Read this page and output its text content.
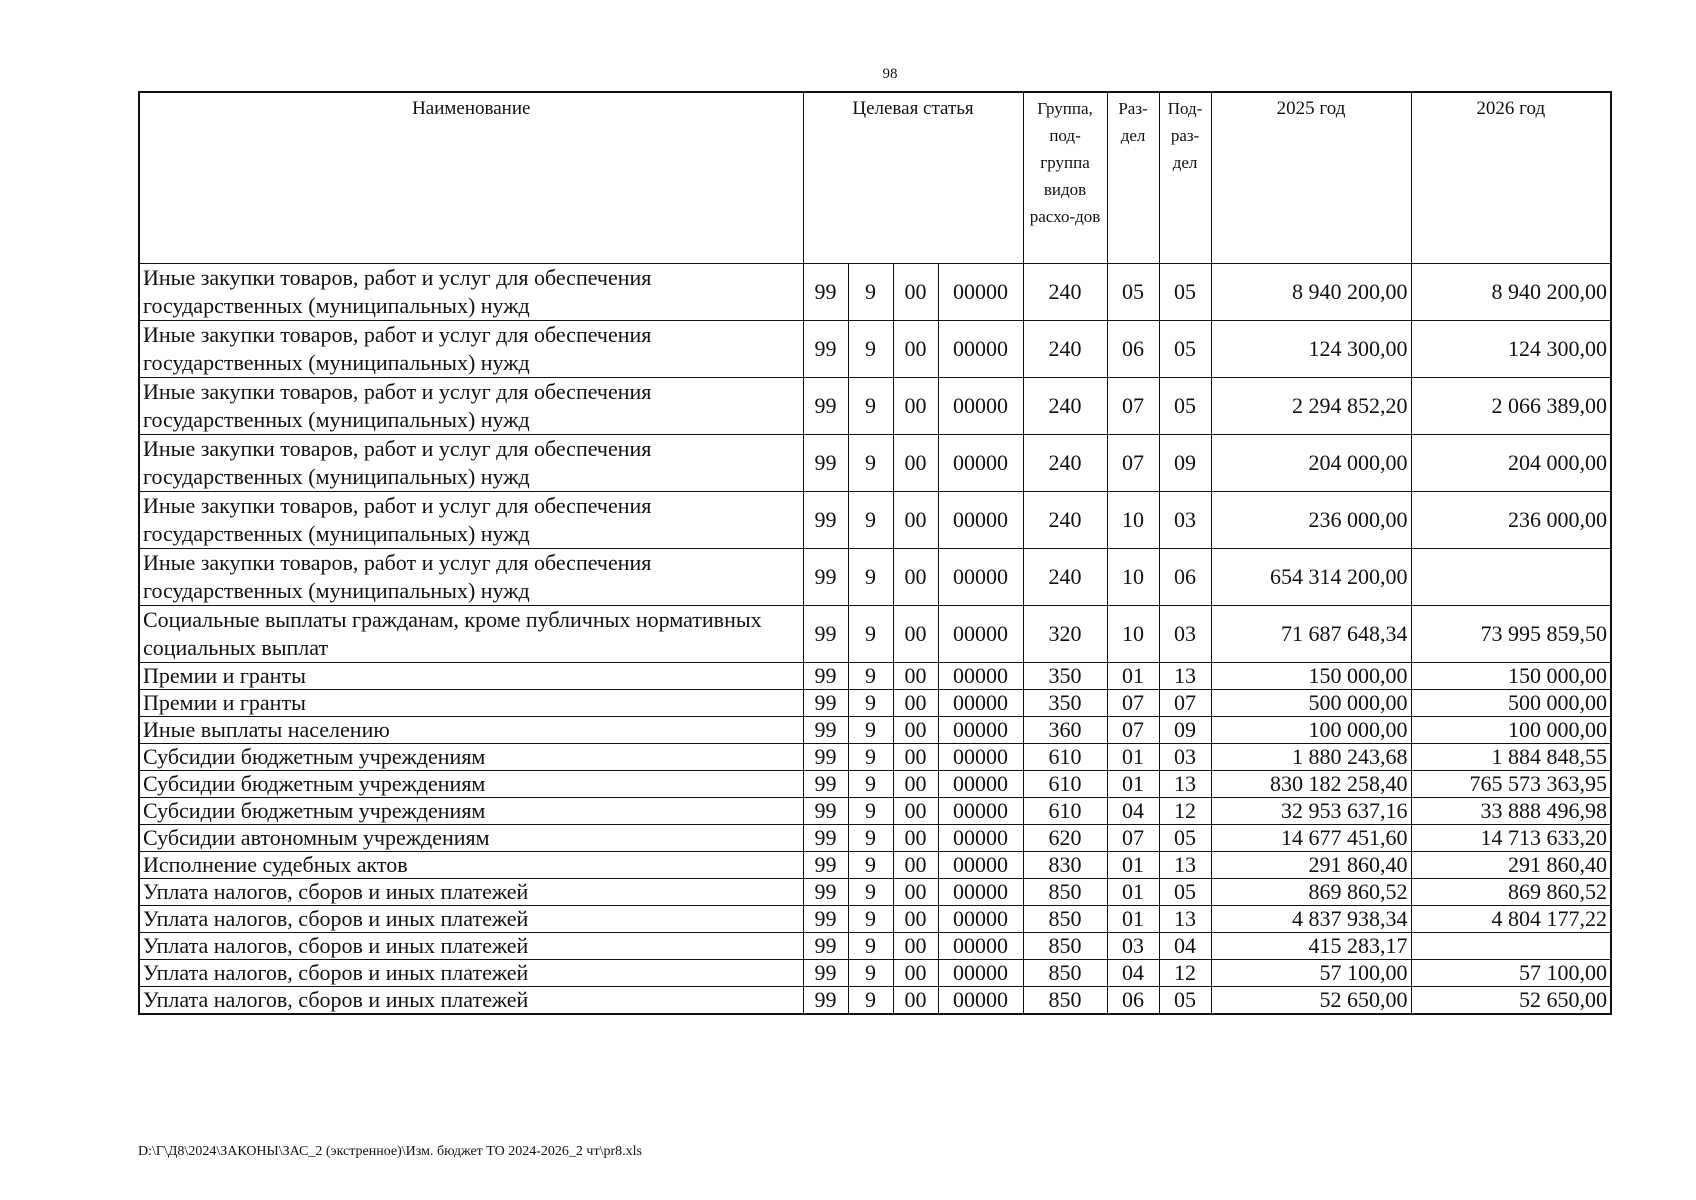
98
Наименование	Целевая статья				Группа, под-группа видов расхо-дов	Раз-дел	Под-раз-дел	2025 год	2026 год
Иные закупки товаров, работ и услуг для обеспечения государственных (муниципальных) нужд	99	9	00	00000	240	05	05	8 940 200,00	8 940 200,00
Иные закупки товаров, работ и услуг для обеспечения государственных (муниципальных) нужд	99	9	00	00000	240	06	05	124 300,00	124 300,00
Иные закупки товаров, работ и услуг для обеспечения государственных (муниципальных) нужд	99	9	00	00000	240	07	05	2 294 852,20	2 066 389,00
Иные закупки товаров, работ и услуг для обеспечения государственных (муниципальных) нужд	99	9	00	00000	240	07	09	204 000,00	204 000,00
Иные закупки товаров, работ и услуг для обеспечения государственных (муниципальных) нужд	99	9	00	00000	240	10	03	236 000,00	236 000,00
Иные закупки товаров, работ и услуг для обеспечения государственных (муниципальных) нужд	99	9	00	00000	240	10	06	654 314 200,00	
Социальные выплаты гражданам, кроме публичных нормативных социальных выплат	99	9	00	00000	320	10	03	71 687 648,34	73 995 859,50
Премии и гранты	99	9	00	00000	350	01	13	150 000,00	150 000,00
Премии и гранты	99	9	00	00000	350	07	07	500 000,00	500 000,00
Иные выплаты населению	99	9	00	00000	360	07	09	100 000,00	100 000,00
Субсидии бюджетным учреждениям	99	9	00	00000	610	01	03	1 880 243,68	1 884 848,55
Субсидии бюджетным учреждениям	99	9	00	00000	610	01	13	830 182 258,40	765 573 363,95
Субсидии бюджетным учреждениям	99	9	00	00000	610	04	12	32 953 637,16	33 888 496,98
Субсидии автономным учреждениям	99	9	00	00000	620	07	05	14 677 451,60	14 713 633,20
Исполнение судебных актов	99	9	00	00000	830	01	13	291 860,40	291 860,40
Уплата налогов, сборов и иных платежей	99	9	00	00000	850	01	05	869 860,52	869 860,52
Уплата налогов, сборов и иных платежей	99	9	00	00000	850	01	13	4 837 938,34	4 804 177,22
Уплата налогов, сборов и иных платежей	99	9	00	00000	850	03	04	415 283,17	
Уплата налогов, сборов и иных платежей	99	9	00	00000	850	04	12	57 100,00	57 100,00
Уплата налогов, сборов и иных платежей	99	9	00	00000	850	06	05	52 650,00	52 650,00
D:\Г\Д8\2024\ЗАКОНЫ\ЗАС_2 (экстренное)\Изм. бюджет ТО 2024-2026_2 чт\pr8.xls
